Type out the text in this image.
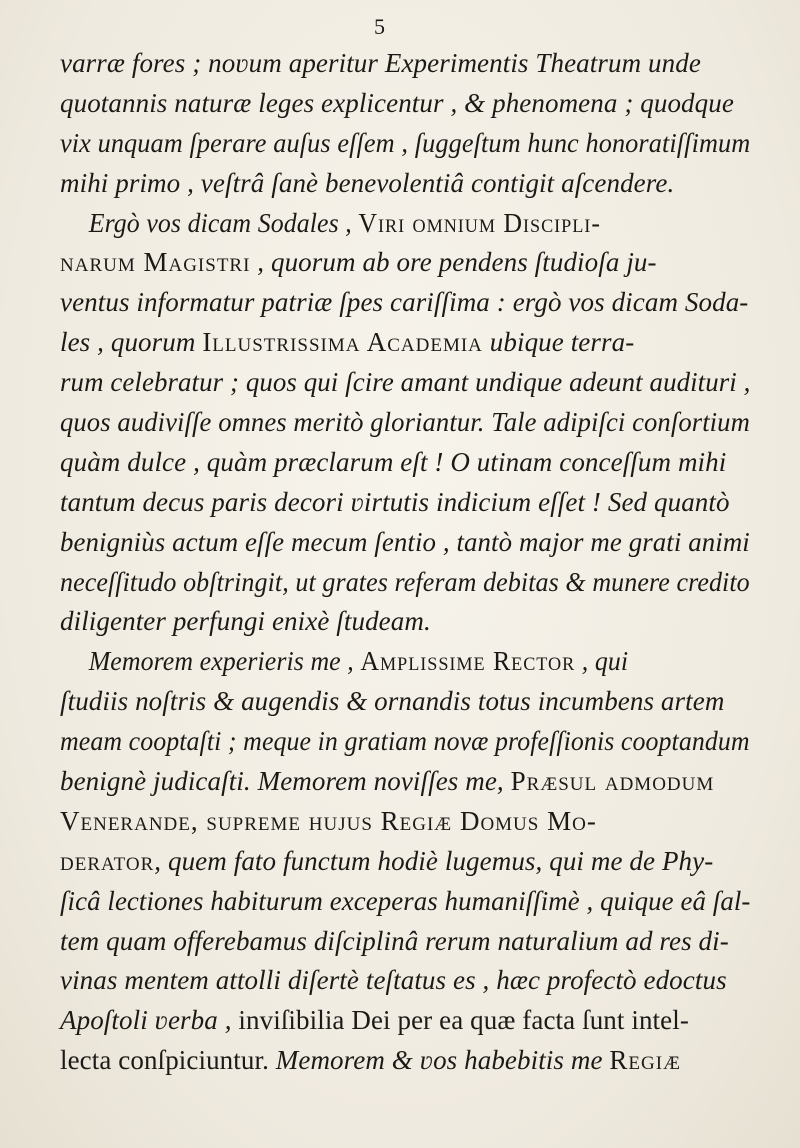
5
varræ fores ; noʋum aperitur Experimentis Theatrum unde
quotannis naturæ leges explicentur , & phenomena ; quodque
vix unquam ſperare auſus eſſem , ſuggeſtum hunc honoratiſſimum
mihi primo , veſtrâ ſanè benevolentiâ contigit aſcendere.
Ergò vos dicam Sodales , Viri omnium Discipli-
narum Magistri , quorum ab ore pendens ſtudioſa ju-
ventus informatur patriæ ſpes cariſſima : ergò vos dicam Soda-
les , quorum Illustrissima Academia ubique terra-
rum celebratur ; quos qui ſcire amant undique adeunt audituri ,
quos audiviſſe omnes meritò gloriantur. Tale adipiſci conſortium
quàm dulce , quàm præclarum eſt ! O utinam conceſſum mihi
tantum decus paris decori ʋirtutis indicium eſſet ! Sed quantò
benigniùs actum eſſe mecum ſentio , tantò major me grati animi
neceſſitudo obſtringit, ut grates referam debitas & munere credito
diligenter perfungi enixè ſtudeam.
Memorem experieris me , Amplissime Rector , qui
ſtudiis noſtris & augendis & ornandis totus incumbens artem
meam cooptaſti ; meque in gratiam novæ profeſſionis cooptandum
benignè judicaſti. Memorem noviſſes me, Præsul admodum
Venerande, supreme hujus Regiæ Domus Mo-
derator, quem fato functum hodiè lugemus, qui me de Phy-
ſicâ lectiones habiturum exceperas humaniſſimè , quique eâ ſal-
tem quam offerebamus diſciplinâ rerum naturalium ad res di-
vinas mentem attolli diſertè teſtatus es , hæc profectò edoctus
Apoſtoli ʋerba , inviſibilia Dei per ea quæ facta ſunt intel-
lecta conſpiciuntur. Memorem & ʋos habebitis me Regiæ
